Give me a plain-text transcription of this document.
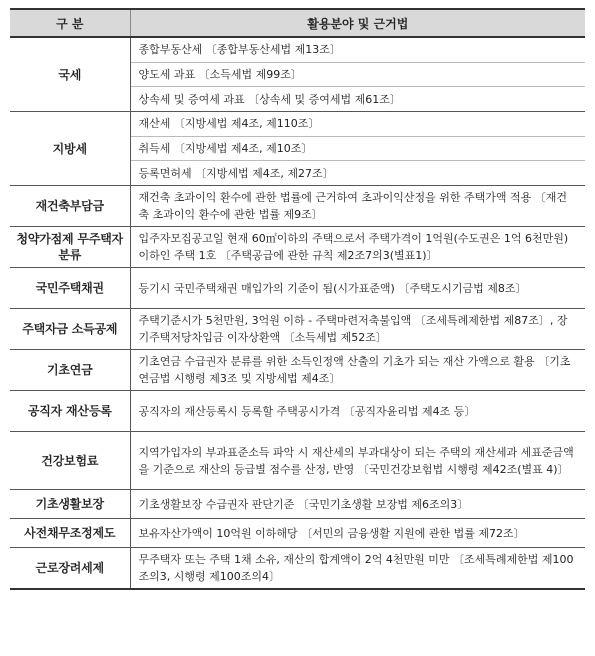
구 분	활용분야 및 근거법
국세	종합부동산세 〔종합부동산세법 제13조〕
	양도세 과표 〔소득세법 제99조〕
	상속세 및 증여세 과표 〔상속세 및 증여세법 제61조〕
지방세	재산세 〔지방세법 제4조, 제110조〕
	취득세 〔지방세법 제4조, 제10조〕
	등록면허세 〔지방세법 제4조, 제27조〕
재건축부담금	재건축 초과이익 환수에 관한 법률에 근거하여 초과이익산정을 위한 주택가액 적용 〔재건축 초과이익 환수에 관한 법률 제9조〕
청약가점제 무주택자 분류	입주자모집공고일 현재 60㎡이하의 주택으로서 주택가격이 1억원(수도권은 1억 6천만원) 이하인 주택 1호 〔주택공급에 관한 규칙 제2조7의3(별표1)〕
국민주택채권	등기시 국민주택채권 매입가의 기준이 됨(시가표준액) 〔주택도시기금법 제8조〕
주택자금 소득공제	주택기준시가 5천만원, 3억원 이하 - 주택마련저축불입액 〔조세특례제한법 제87조〕, 장기주택저당차입금 이자상환액 〔소득세법 제52조〕
기초연금	기초연금 수급권자 분류를 위한 소득인정액 산출의 기초가 되는 재산 가액으로 활용 〔기초연금법 시행령 제3조 및 지방세법 제4조〕
공직자 재산등록	공직자의 재산등록시 등록할 주택공시가격 〔공직자윤리법 제4조 등〕
건강보험료	지역가입자의 부과표준소득 파악 시 재산세의 부과대상이 되는 주택의 재산세과 세표준금액을 기준으로 재산의 등급별 점수를 산정, 반영 〔국민건강보험법 시행령 제42조(별표 4)〕
기초생활보장	기초생활보장 수급권자 판단기준 〔국민기초생활 보장법 제6조의3〕
사전채무조정제도	보유자산가액이 10억원 이하해당 〔서민의 금융생활 지원에 관한 법률 제72조〕
근로장려세제	무주택자 또는 주택 1채 소유, 재산의 합계액이 2억 4천만원 미만 〔조세특례제한법 제100조의3, 시행령 제100조의4〕
